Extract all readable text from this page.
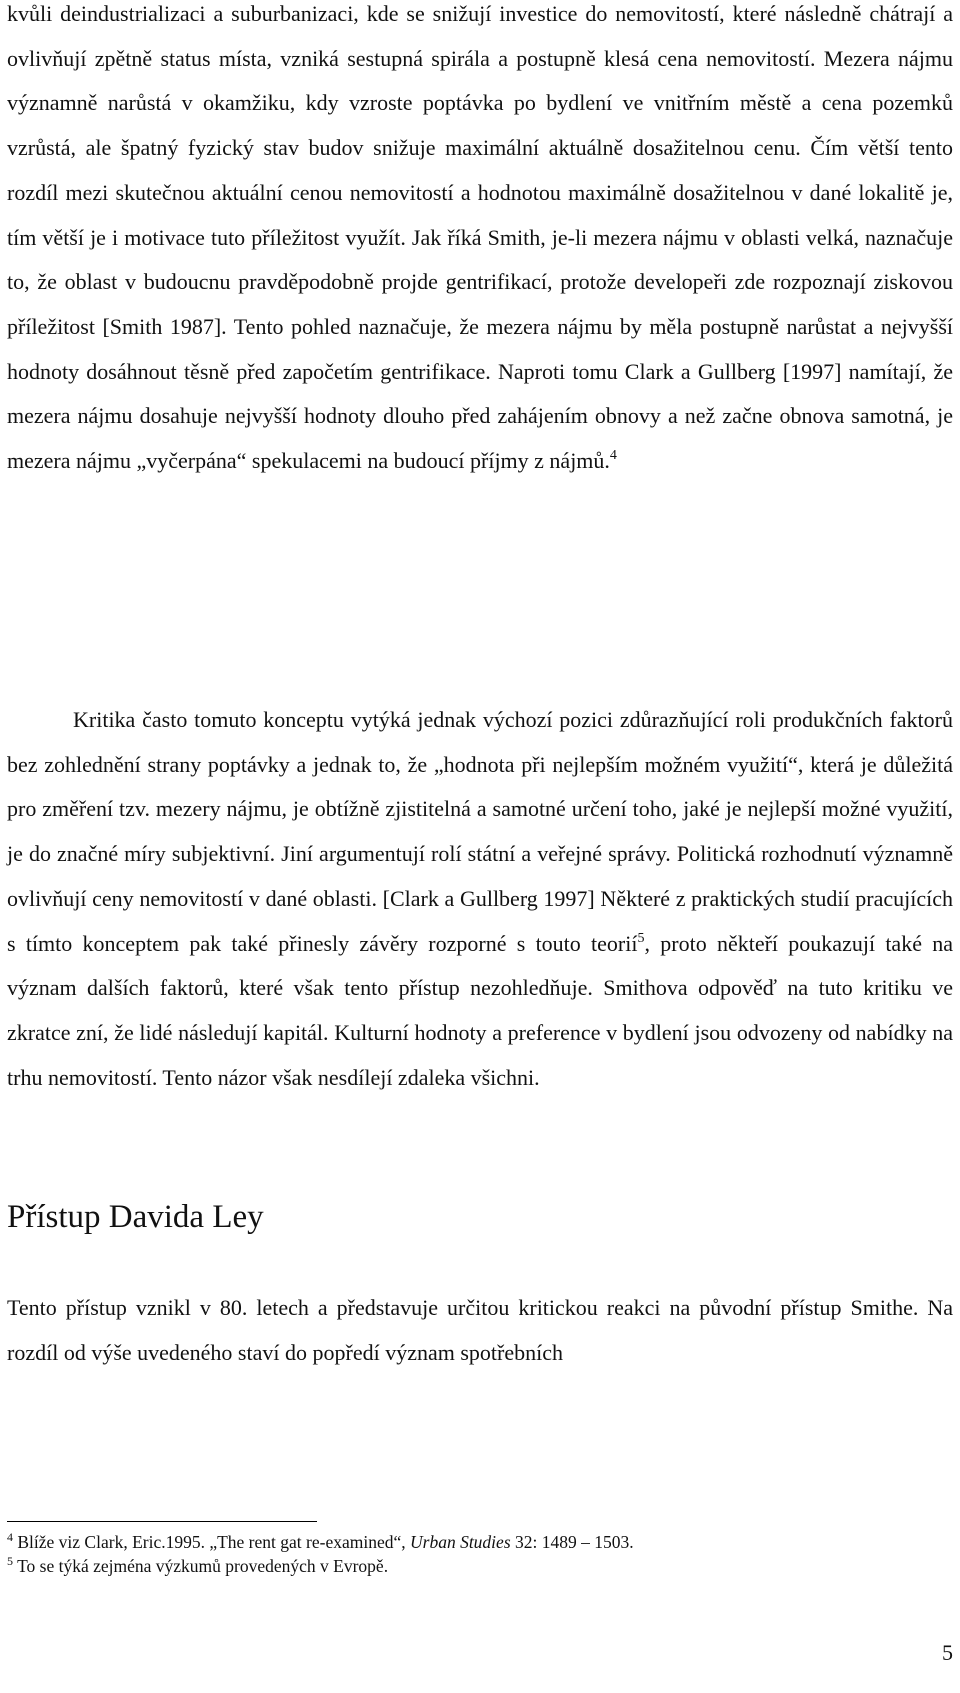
kvůli deindustrializaci a suburbanizaci, kde se snižují investice do nemovitostí, které následně chátrají a ovlivňují zpětně status místa, vzniká sestupná spirála a postupně klesá cena nemovitostí. Mezera nájmu významně narůstá v okamžiku, kdy vzroste poptávka po bydlení ve vnitřním městě a cena pozemků vzrůstá, ale špatný fyzický stav budov snižuje maximální aktuálně dosažitelnou cenu. Čím větší tento rozdíl mezi skutečnou aktuální cenou nemovitostí a hodnotou maximálně dosažitelnou v dané lokalitě je, tím větší je i motivace tuto příležitost využít. Jak říká Smith, je-li mezera nájmu v oblasti velká, naznačuje to, že oblast v budoucnu pravděpodobně projde gentrifikací, protože developeři zde rozpoznají ziskovou příležitost [Smith 1987]. Tento pohled naznačuje, že mezera nájmu by měla postupně narůstat a nejvyšší hodnoty dosáhnout těsně před započetím gentrifikace. Naproti tomu Clark a Gullberg [1997] namítají, že mezera nájmu dosahuje nejvyšší hodnoty dlouho před zahájením obnovy a než začne obnova samotná, je mezera nájmu „vyčerpána“ spekulacemi na budoucí příjmy z nájmů.$^4$

Kritika často tomuto konceptu vytýká jednak výchozí pozici zdůrazňující roli produkčních faktorů bez zohlednění strany poptávky a jednak to, že „hodnota při nejlepším možném využití“, která je důležitá pro změření tzv. mezery nájmu, je obtížně zjistitelná a samotné určení toho, jaké je nejlepší možné využití, je do značné míry subjektivní. Jiní argumentují rolí státní a veřejné správy. Politická rozhodnutí významně ovlivňují ceny nemovitostí v dané oblasti. [Clark a Gullberg 1997] Některé z praktických studií pracujících s tímto konceptem pak také přinesly závěry rozporné s touto teorií$^5$, proto někteří poukazují také na význam dalších faktorů, které však tento přístup nezohledňuje. Smithova odpověď na tuto kritiku ve zkratce zní, že lidé následují kapitál. Kulturní hodnoty a preference v bydlení jsou odvozeny od nabídky na trhu nemovitostí. Tento názor však nesdílejí zdaleka všichni.

Přístup Davida Ley

Tento přístup vznikl v 80. letech a představuje určitou kritickou reakci na původní přístup Smithe. Na rozdíl od výše uvedeného staví do popředí význam spotřebních

$^4$ Blíže viz Clark, Eric.1995. „The rent gat re-examined“, Urban Studies 32: 1489 – 1503.

$^5$ To se týká zejména výzkumů provedených v Evropě.

5
